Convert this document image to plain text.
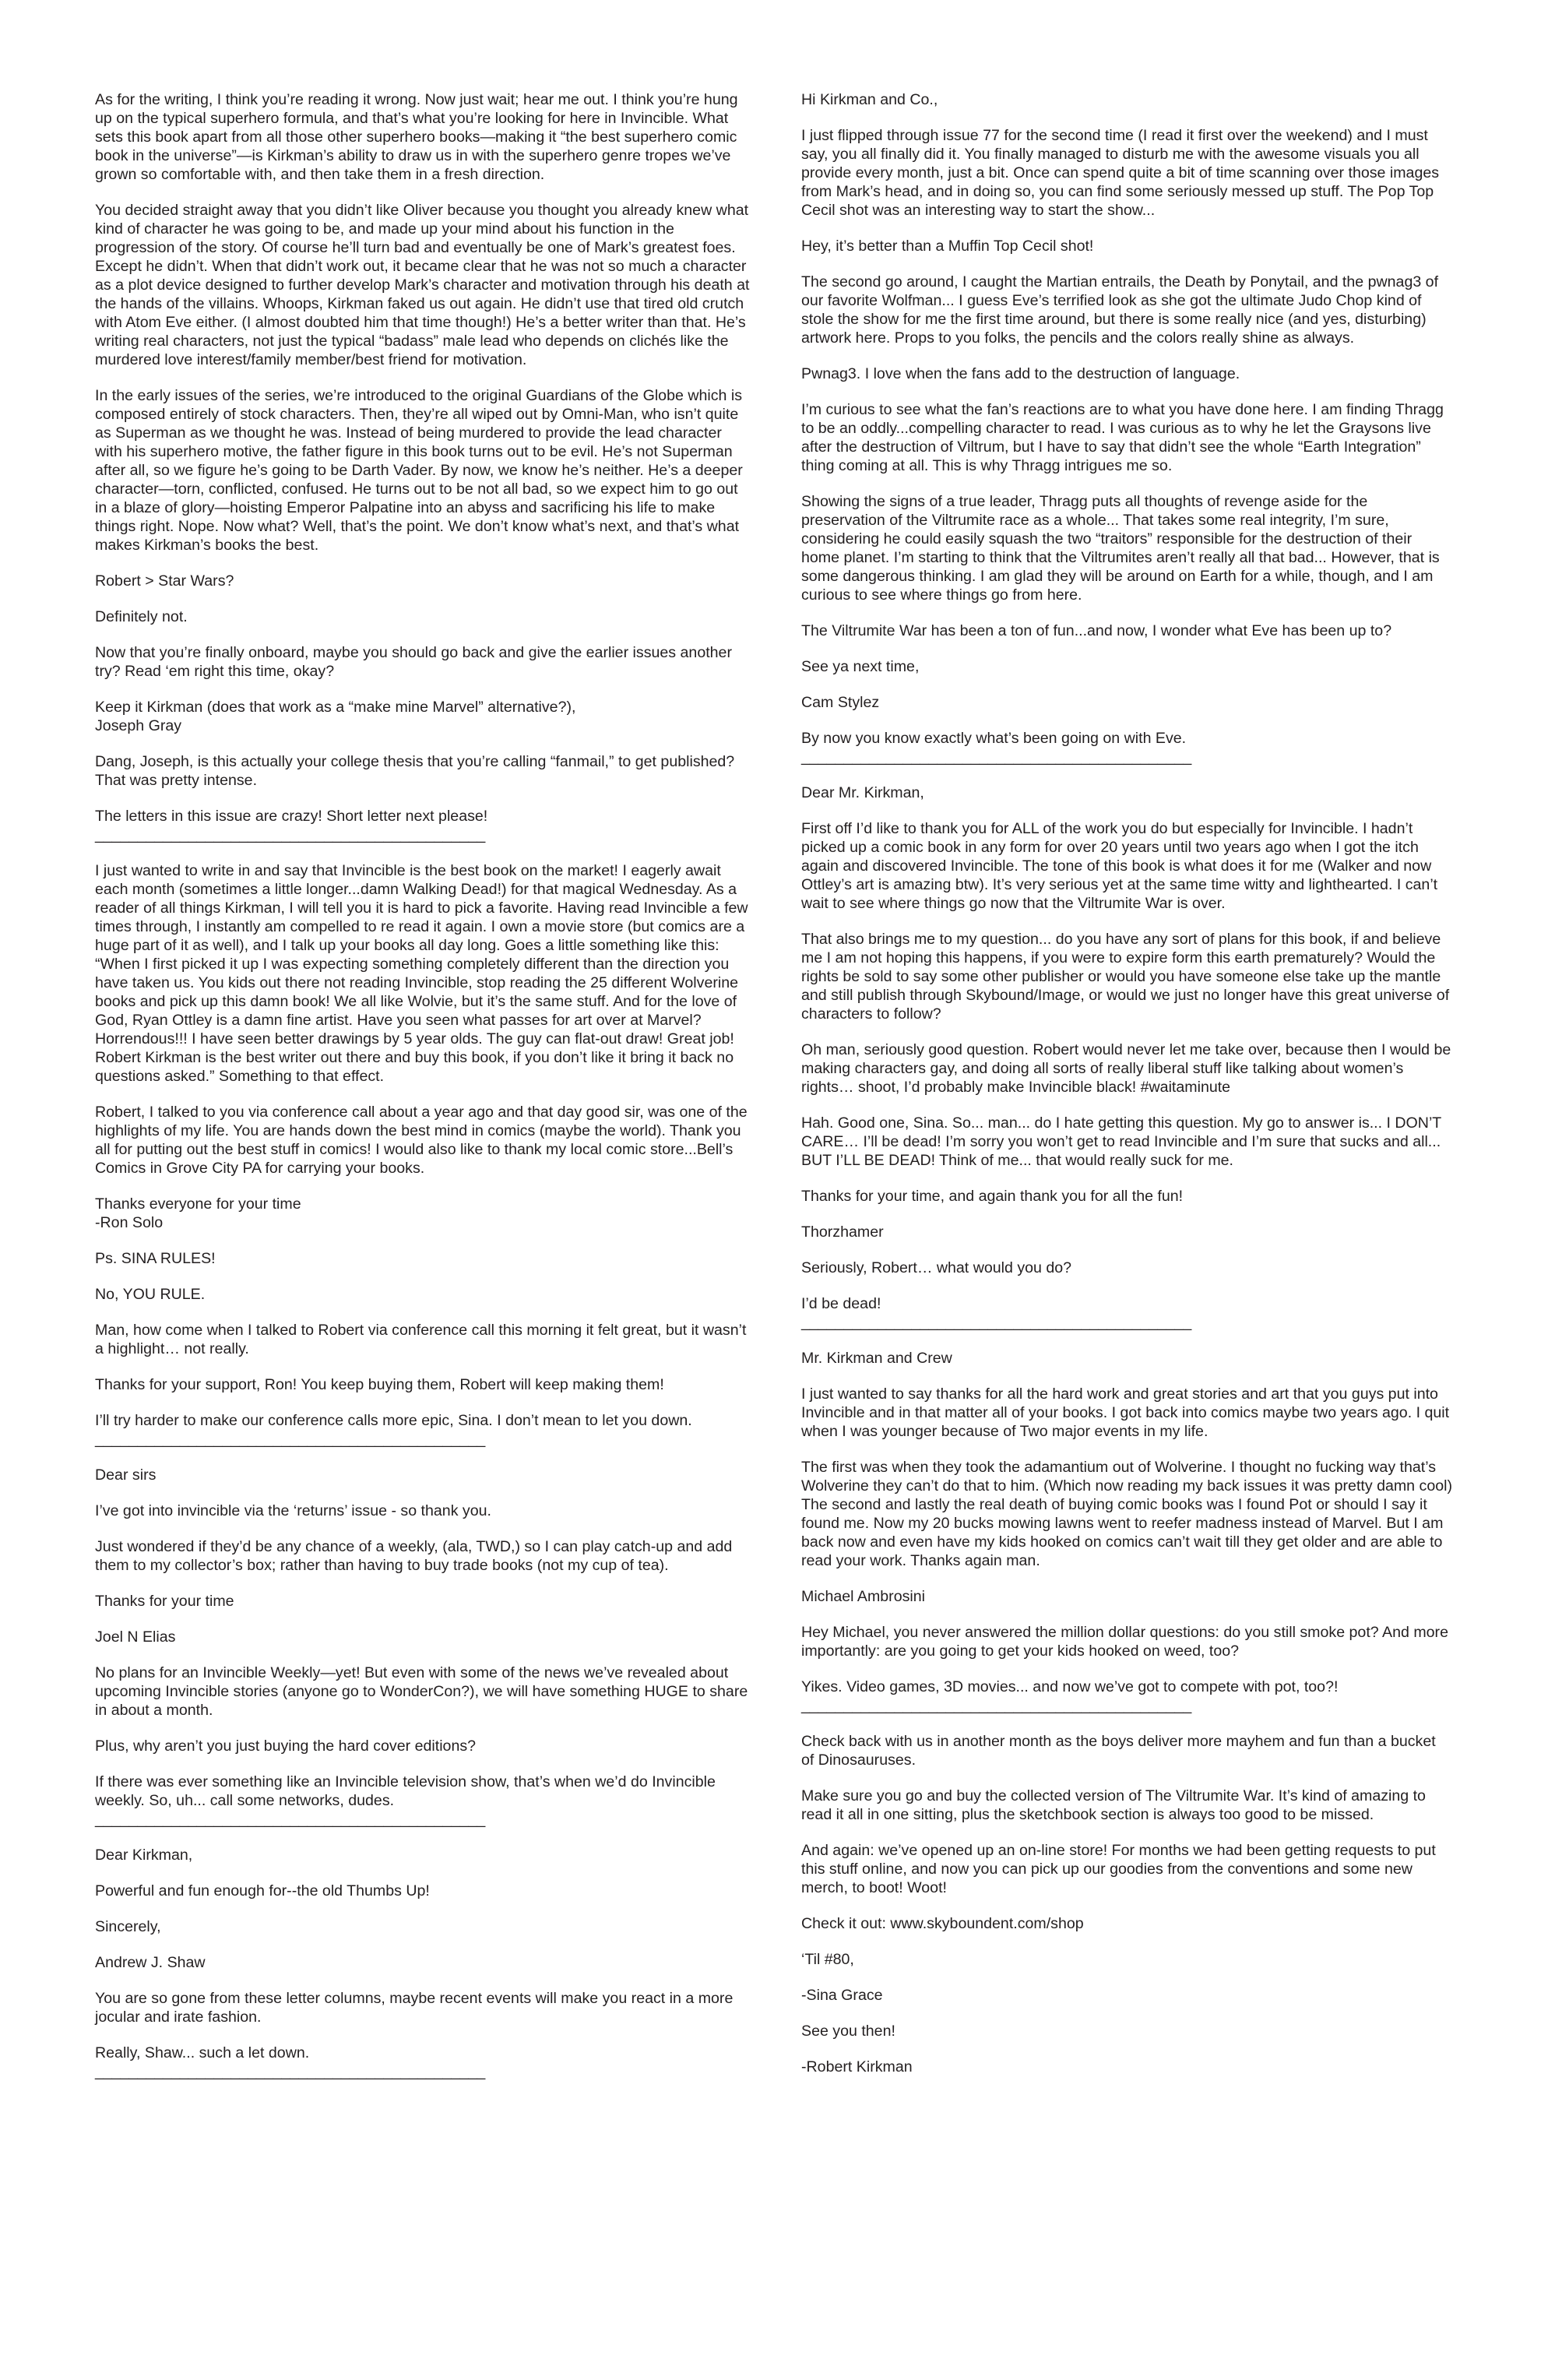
As for the writing, I think you’re reading it wrong. Now just wait; hear me out. I think you’re hung up on the typical superhero formula, and that’s what you’re looking for here in Invincible. What sets this book apart from all those other superhero books—making it “the best superhero comic book in the universe”—is Kirkman’s ability to draw us in with the superhero genre tropes we’ve grown so comfortable with, and then take them in a fresh direction.

You decided straight away that you didn’t like Oliver because you thought you already knew what kind of character he was going to be, and made up your mind about his function in the progression of the story. Of course he’ll turn bad and eventually be one of Mark’s greatest foes. Except he didn’t. When that didn’t work out, it became clear that he was not so much a character as a plot device designed to further develop Mark’s character and motivation through his death at the hands of the villains. Whoops, Kirkman faked us out again. He didn’t use that tired old crutch with Atom Eve either. (I almost doubted him that time though!) He’s a better writer than that. He’s writing real characters, not just the typical “badass” male lead who depends on clichés like the murdered love interest/family member/best friend for motivation.

In the early issues of the series, we’re introduced to the original Guardians of the Globe which is composed entirely of stock characters. Then, they’re all wiped out by Omni-Man, who isn’t quite as Superman as we thought he was. Instead of being murdered to provide the lead character with his superhero motive, the father figure in this book turns out to be evil. He’s not Superman after all, so we figure he’s going to be Darth Vader. By now, we know he’s neither. He’s a deeper character—torn, conflicted, confused. He turns out to be not all bad, so we expect him to go out in a blaze of glory—hoisting Emperor Palpatine into an abyss and sacrificing his life to make things right. Nope. Now what? Well, that’s the point. We don’t know what’s next, and that’s what makes Kirkman’s books the best.

Robert > Star Wars?

Definitely not.

Now that you’re finally onboard, maybe you should go back and give the earlier issues another try? Read ‘em right this time, okay?

Keep it Kirkman (does that work as a “make mine Marvel” alternative?),
Joseph Gray

Dang, Joseph, is this actually your college thesis that you’re calling “fanmail,” to get published? That was pretty intense.

The letters in this issue are crazy! Short letter next please!
______________________________________________

I just wanted to write in and say that Invincible is the best book on the market! I eagerly await each month (sometimes a little longer...damn Walking Dead!) for that magical Wednesday. As a reader of all things Kirkman, I will tell you it is hard to pick a favorite. Having read Invincible a few times through, I instantly am compelled to re read it again. I own a movie store (but comics are a huge part of it as well), and I talk up your books all day long. Goes a little something like this: “When I first picked it up I was expecting something completely different than the direction you have taken us. You kids out there not reading Invincible, stop reading the 25 different Wolverine books and pick up this damn book! We all like Wolvie, but it’s the same stuff. And for the love of God, Ryan Ottley is a damn fine artist. Have you seen what passes for art over at Marvel? Horrendous!!! I have seen better drawings by 5 year olds. The guy can flat-out draw! Great job! Robert Kirkman is the best writer out there and buy this book, if you don’t like it bring it back no questions asked.” Something to that effect.

Robert, I talked to you via conference call about a year ago and that day good sir, was one of the highlights of my life. You are hands down the best mind in comics (maybe the world). Thank you all for putting out the best stuff in comics! I would also like to thank my local comic store...Bell’s Comics in Grove City PA for carrying your books.

Thanks everyone for your time
-Ron Solo

Ps. SINA RULES!

No, YOU RULE.

Man, how come when I talked to Robert via conference call this morning it felt great, but it wasn’t a highlight… not really.

Thanks for your support, Ron! You keep buying them, Robert will keep making them!

I’ll try harder to make our conference calls more epic, Sina. I don’t mean to let you down.
______________________________________________

Dear sirs

I’ve got into invincible via the ‘returns’ issue - so thank you.

Just wondered if they’d be any chance of a weekly, (ala, TWD,) so I can play catch-up and add them to my collector’s box; rather than having to buy trade books (not my cup of tea).

Thanks for your time

Joel N Elias

No plans for an Invincible Weekly—yet! But even with some of the news we’ve revealed about upcoming Invincible stories (anyone go to WonderCon?), we will have something HUGE to share in about a month.

Plus, why aren’t you just buying the hard cover editions?

If there was ever something like an Invincible television show, that’s when we’d do Invincible weekly. So, uh... call some networks, dudes.
______________________________________________

Dear Kirkman,

Powerful and fun enough for--the old Thumbs Up!

Sincerely,

Andrew J. Shaw

You are so gone from these letter columns, maybe recent events will make you react in a more jocular and irate fashion.

Really, Shaw... such a let down.
______________________________________________

Hi Kirkman and Co.,

I just flipped through issue 77 for the second time (I read it first over the weekend) and I must say, you all finally did it. You finally managed to disturb me with the awesome visuals you all provide every month, just a bit. Once can spend quite a bit of time scanning over those images from Mark’s head, and in doing so, you can find some seriously messed up stuff. The Pop Top Cecil shot was an interesting way to start the show...

Hey, it’s better than a Muffin Top Cecil shot!

The second go around, I caught the Martian entrails, the Death by Ponytail, and the pwnag3 of our favorite Wolfman... I guess Eve’s terrified look as she got the ultimate Judo Chop kind of stole the show for me the first time around, but there is some really nice (and yes, disturbing) artwork here. Props to you folks, the pencils and the colors really shine as always.

Pwnag3. I love when the fans add to the destruction of language.

I’m curious to see what the fan’s reactions are to what you have done here. I am finding Thragg to be an oddly...compelling character to read. I was curious as to why he let the Graysons live after the destruction of Viltrum, but I have to say that didn’t see the whole “Earth Integration” thing coming at all. This is why Thragg intrigues me so.

Showing the signs of a true leader, Thragg puts all thoughts of revenge aside for the preservation of the Viltrumite race as a whole... That takes some real integrity, I’m sure, considering he could easily squash the two “traitors” responsible for the destruction of their home planet. I’m starting to think that the Viltrumites aren’t really all that bad... However, that is some dangerous thinking. I am glad they will be around on Earth for a while, though, and I am curious to see where things go from here.

The Viltrumite War has been a ton of fun...and now, I wonder what Eve has been up to?

See ya next time,

Cam Stylez

By now you know exactly what’s been going on with Eve.
______________________________________________

Dear Mr. Kirkman,

First off I’d like to thank you for ALL of the work you do but especially for Invincible. I hadn’t picked up a comic book in any form for over 20 years until two years ago when I got the itch again and discovered Invincible. The tone of this book is what does it for me (Walker and now Ottley’s art is amazing btw). It’s very serious yet at the same time witty and lighthearted. I can’t wait to see where things go now that the Viltrumite War is over.

That also brings me to my question... do you have any sort of plans for this book, if and believe me I am not hoping this happens, if you were to expire form this earth prematurely? Would the rights be sold to say some other publisher or would you have someone else take up the mantle and still publish through Skybound/Image, or would we just no longer have this great universe of characters to follow?

Oh man, seriously good question. Robert would never let me take over, because then I would be making characters gay, and doing all sorts of really liberal stuff like talking about women’s rights… shoot, I’d probably make Invincible black! #waitaminute

Hah. Good one, Sina. So... man... do I hate getting this question. My go to answer is... I DON’T CARE… I’ll be dead! I’m sorry you won’t get to read Invincible and I’m sure that sucks and all... BUT I’LL BE DEAD! Think of me... that would really suck for me.

Thanks for your time, and again thank you for all the fun!

Thorzhamer

Seriously, Robert… what would you do?

I’d be dead!
______________________________________________

Mr. Kirkman and Crew

I just wanted to say thanks for all the hard work and great stories and art that you guys put into Invincible and in that matter all of your books. I got back into comics maybe two years ago. I quit when I was younger because of Two major events in my life.

The first was when they took the adamantium out of Wolverine. I thought no fucking way that’s Wolverine they can’t do that to him. (Which now reading my back issues it was pretty damn cool) The second and lastly the real death of buying comic books was I found Pot or should I say it found me. Now my 20 bucks mowing lawns went to reefer madness instead of Marvel. But I am back now and even have my kids hooked on comics can’t wait till they get older and are able to read your work. Thanks again man.

Michael Ambrosini

Hey Michael, you never answered the million dollar questions: do you still smoke pot? And more importantly: are you going to get your kids hooked on weed, too?

Yikes. Video games, 3D movies... and now we’ve got to compete with pot, too?!
______________________________________________

Check back with us in another month as the boys deliver more mayhem and fun than a bucket of Dinosauruses.

Make sure you go and buy the collected version of The Viltrumite War. It’s kind of amazing to read it all in one sitting, plus the sketchbook section is always too good to be missed.

And again: we’ve opened up an on-line store! For months we had been getting requests to put this stuff online, and now you can pick up our goodies from the conventions and some new merch, to boot! Woot!

Check it out: www.skyboundent.com/shop

‘Til #80,

-Sina Grace

See you then!

-Robert Kirkman
